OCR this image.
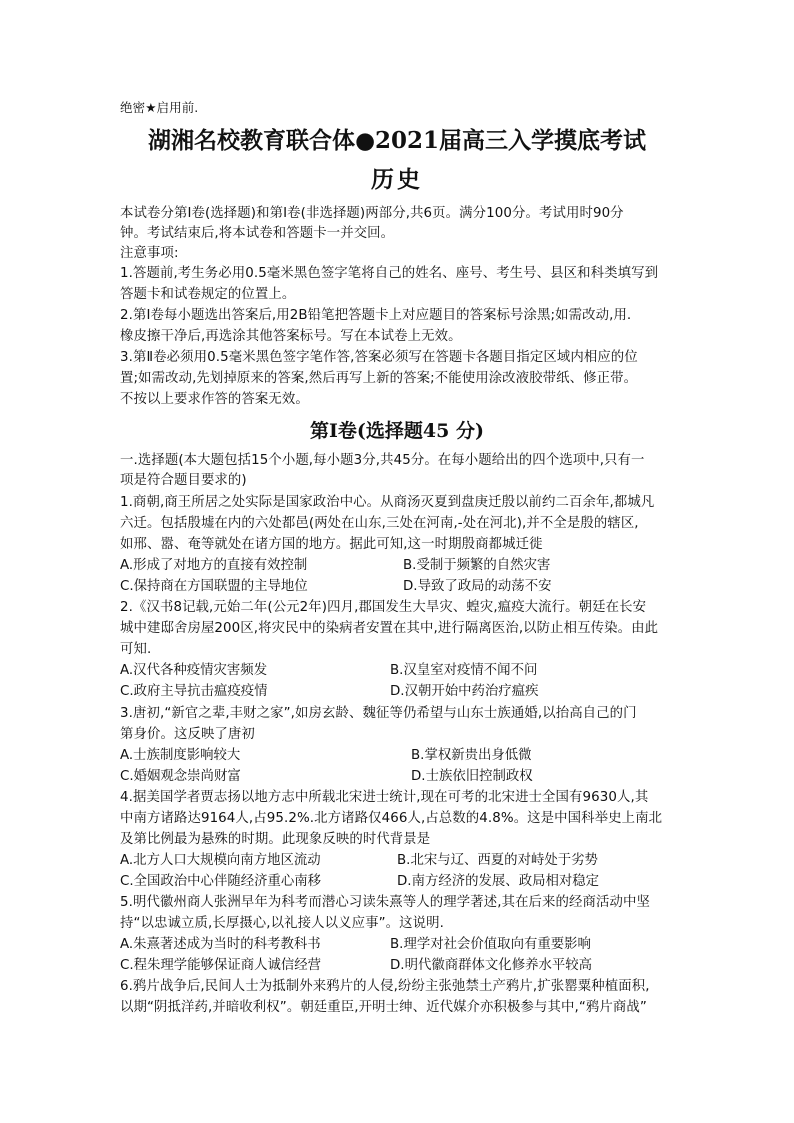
绝密★启用前.
湖湘名校教育联合体●2021届高三入学摸底考试
历史
本试卷分第Ⅰ卷(选择题)和第Ⅰ卷(非选择题)两部分,共6页。满分100分。考试用时90分
钟。考试结束后,将本试卷和答题卡一并交回。
注意事项:
1.答题前,考生务必用0.5毫米黑色签字笔将自己的姓名、座号、考生号、县区和科类填写到
答题卡和试卷规定的位置上。
2.第Ⅰ卷每小题选出答案后,用2B铅笔把答题卡上对应题目的答案标号涂黑;如需改动,用.
橡皮擦干净后,再选涂其他答案标号。写在本试卷上无效。
3.第Ⅱ卷必须用0.5毫米黑色签字笔作答,答案必须写在答题卡各题目指定区域内相应的位
置;如需改动,先划掉原来的答案,然后再写上新的答案;不能使用涂改液胶带纸、修正带。
不按以上要求作答的答案无效。
第Ⅰ卷(选择题45 分)
一.选择题(本大题包括15个小题,每小题3分,共45分。在每小题给出的四个选项中,只有一
项是符合题目要求的)
1.商朝,商王所居之处实际是国家政治中心。从商汤灭夏到盘庚迁殷以前约二百余年,都城凡
六迁。包括殷墟在内的六处都邑(两处在山东,三处在河南,-处在河北),并不全是殷的辖区,
如邢、嚣、奄等就处在诸方国的地方。据此可知,这一时期殷商都城迁徙
A.形成了对地方的直接有效控制	B.受制于频繁的自然灾害
C.保持商在方国联盟的主导地位	D.导致了政局的动荡不安
2.《汉书8记载,元始二年(公元2年)四月,郡国发生大旱灾、蝗灾,瘟疫大流行。朝廷在长安
城中建邸舍房屋200区,将灾民中的染病者安置在其中,进行隔离医治,以防止相互传染。由此
可知.
A.汉代各种疫情灾害频发	B.汉皇室对疫情不闻不问
C.政府主导抗击瘟疫疫情	D.汉朝开始中药治疗瘟疾
3.唐初,“新官之辈,丰财之家”,如房玄龄、魏征等仍希望与山东士族通婚,以抬高自己的门
第身价。这反映了唐初
A.士族制度影响较大	B.掌权新贵出身低微
C.婚姻观念崇尚财富	D.士族依旧控制政权
4.据美国学者贾志扬以地方志中所载北宋进士统计,现在可考的北宋进士全国有9630人,其
中南方诸路达9164人,占95.2%.北方诸路仅466人,占总数的4.8%。这是中国科举史上南北
及第比例最为悬殊的时期。此现象反映的时代背景是
A.北方人口大规模向南方地区流动	B.北宋与辽、西夏的对峙处于劣势
C.全国政治中心伴随经济重心南移	D.南方经济的发展、政局相对稳定
5.明代徽州商人张洲早年为科考而潜心习读朱熹等人的理学著述,其在后来的经商活动中坚
持“以忠诚立质,长厚摄心,以礼接人以义应事”。这说明.
A.朱熹著述成为当时的科考教科书	B.理学对社会价值取向有重要影响
C.程朱理学能够保证商人诚信经营	D.明代徽商群体文化修养水平较高
6.鸦片战争后,民间人士为抵制外来鸦片的人侵,纷纷主张弛禁土产鸦片,扩张罂粟种植面积,
以期“阴抵洋药,并暗收利权”。朝廷重臣,开明士绅、近代媒介亦积极参与其中,“鸦片商战”
